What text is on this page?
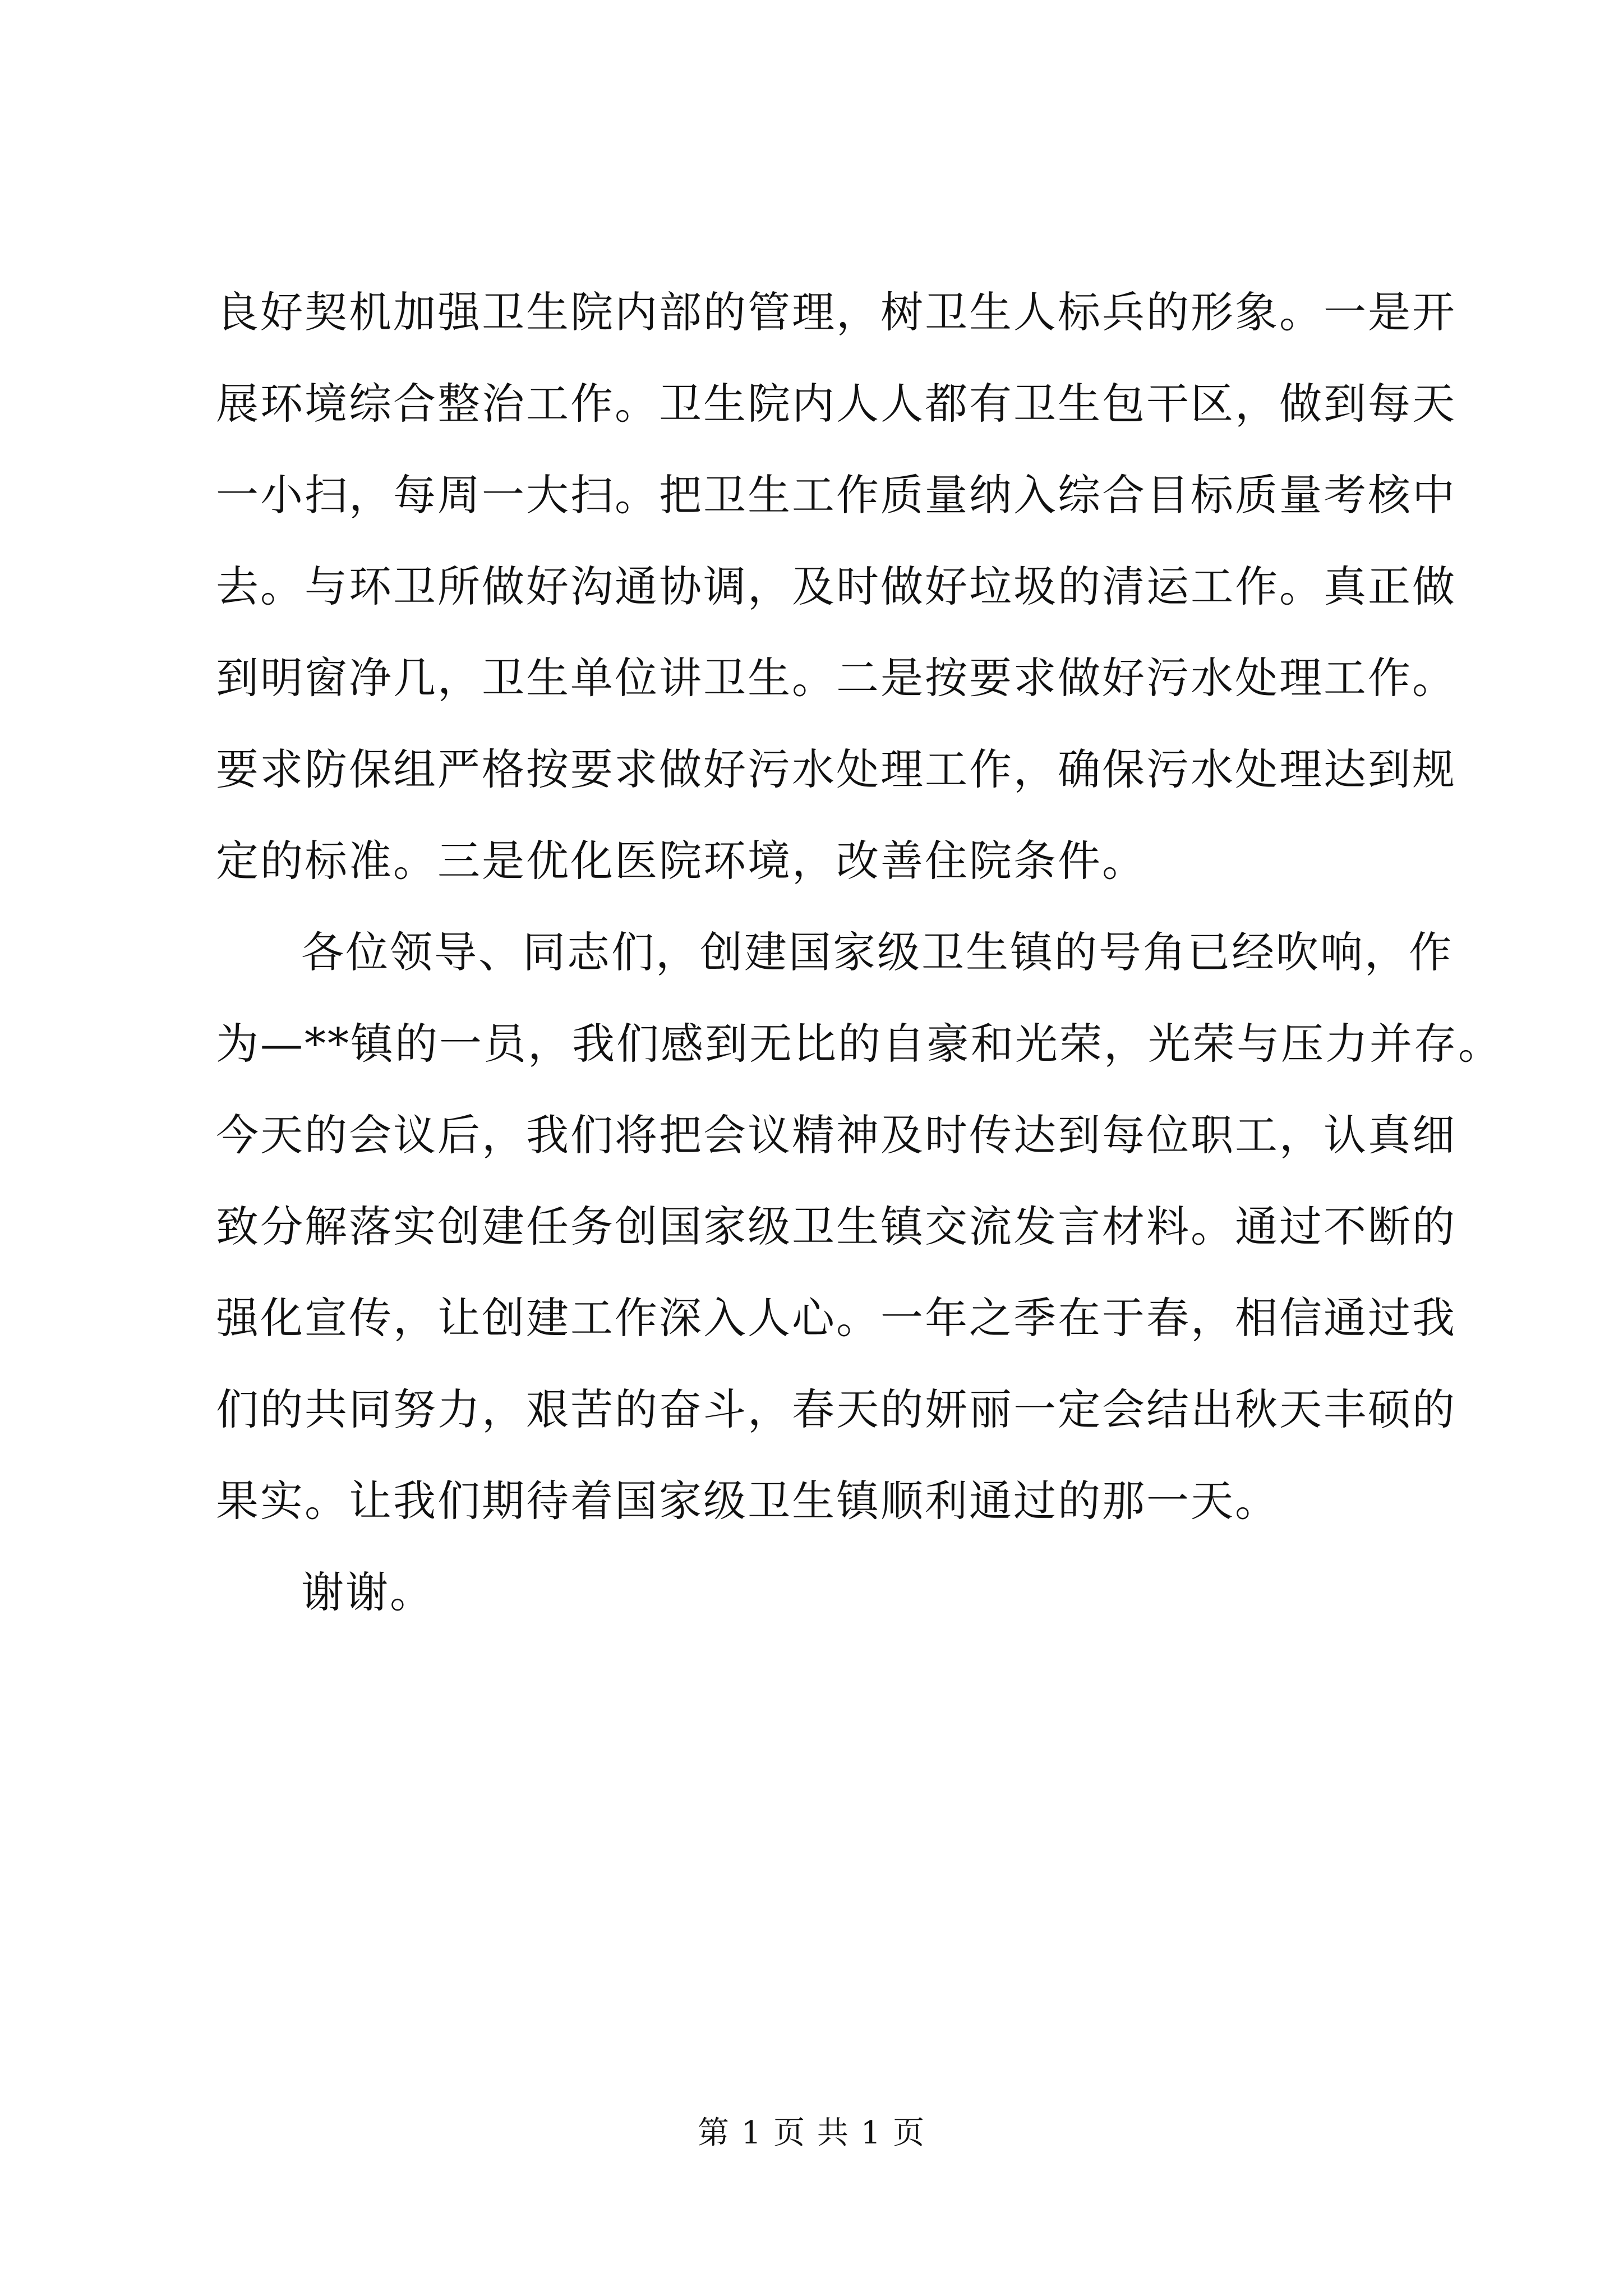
良好契机加强卫生院内部的管理，树卫生人标兵的形象。一是开
展环境综合整治工作。卫生院内人人都有卫生包干区，做到每天
一小扫，每周一大扫。把卫生工作质量纳入综合目标质量考核中
去。与环卫所做好沟通协调，及时做好垃圾的清运工作。真正做
到明窗净几，卫生单位讲卫生。二是按要求做好污水处理工作。
要求防保组严格按要求做好污水处理工作，确保污水处理达到规
定的标准。三是优化医院环境，改善住院条件。
各位领导、同志们，创建国家级卫生镇的号角已经吹响，作
为—**镇的一员，我们感到无比的自豪和光荣，光荣与压力并存。
今天的会议后，我们将把会议精神及时传达到每位职工，认真细
致分解落实创建任务创国家级卫生镇交流发言材料。通过不断的
强化宣传，让创建工作深入人心。一年之季在于春，相信通过我
们的共同努力，艰苦的奋斗，春天的妍丽一定会结出秋天丰硕的
果实。让我们期待着国家级卫生镇顺利通过的那一天。
谢谢。
第 1 页 共 1 页
